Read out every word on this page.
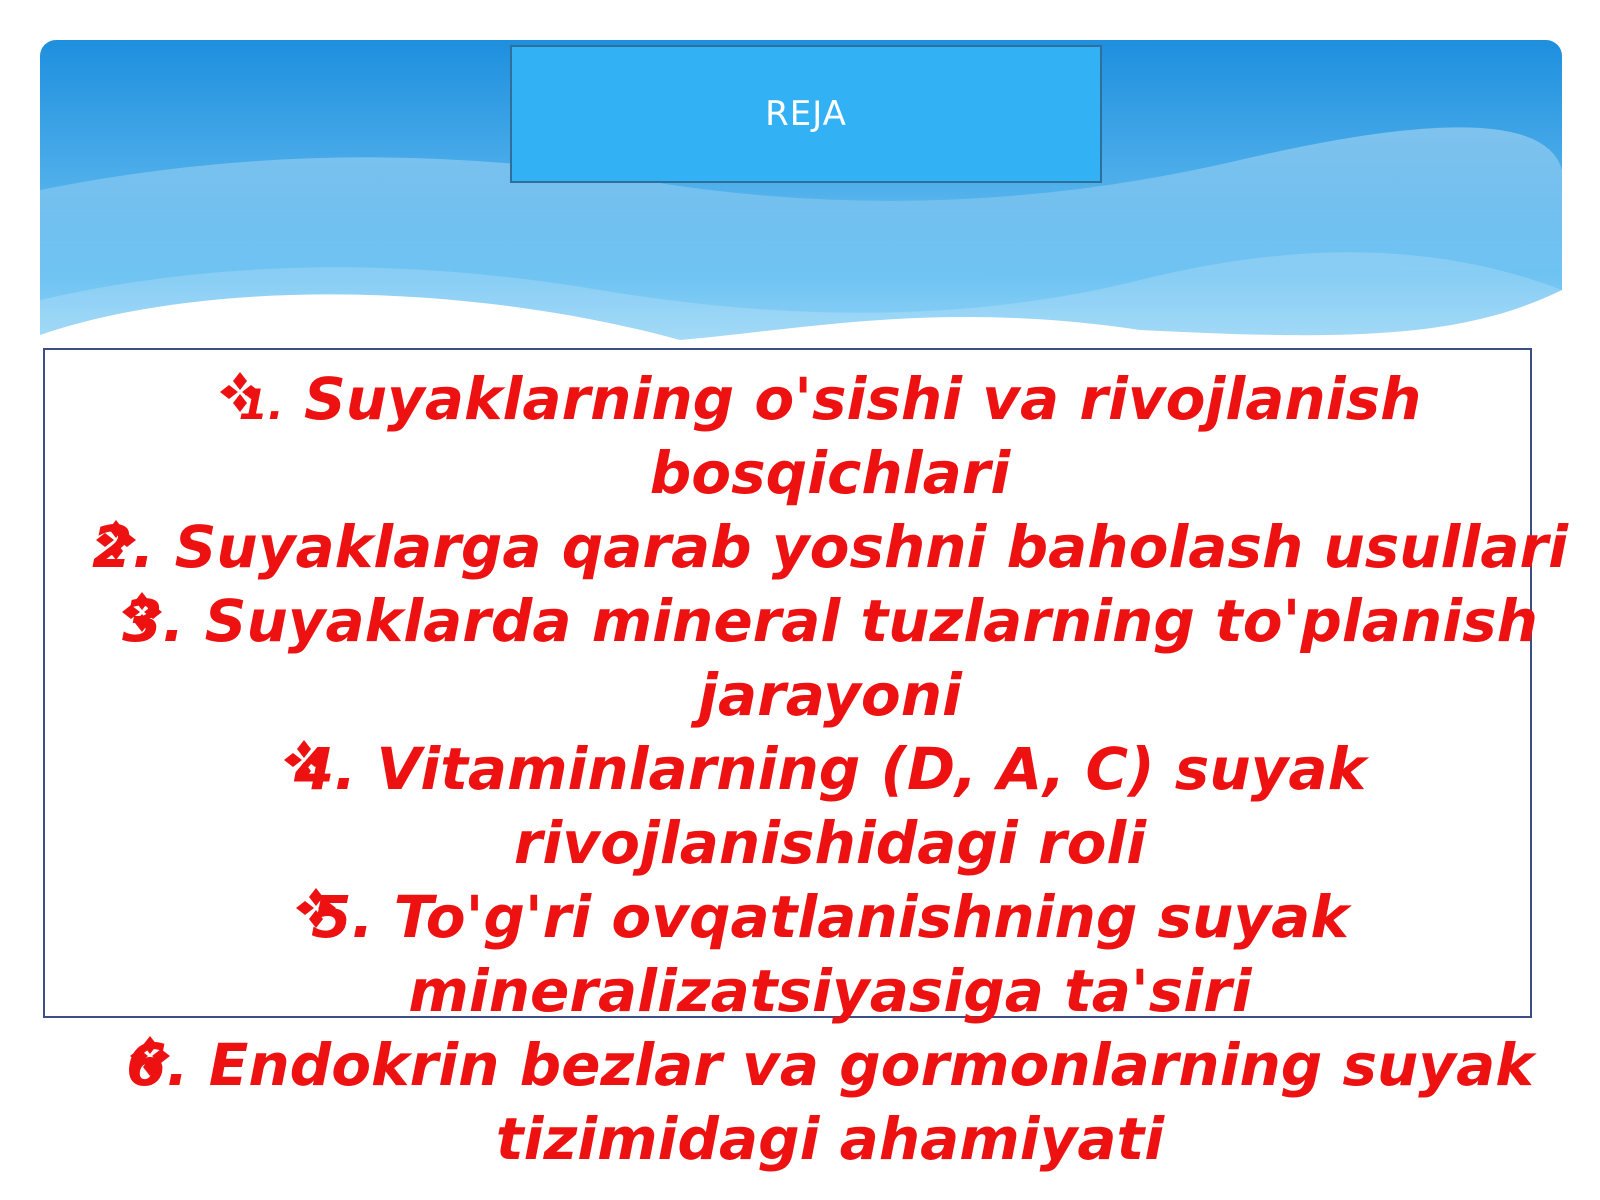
REJA
1. Suyaklarning o'sishi va rivojlanish
bosqichlari
2. Suyaklarga qarab yoshni baholash usullari
3. Suyaklarda mineral tuzlarning to'planish
jarayoni
4. Vitaminlarning (D, A, C) suyak
rivojlanishidagi roli
5. To'g'ri ovqatlanishning suyak
mineralizatsiyasiga ta'siri
6. Endokrin bezlar va gormonlarning suyak
tizimidagi ahamiyati
